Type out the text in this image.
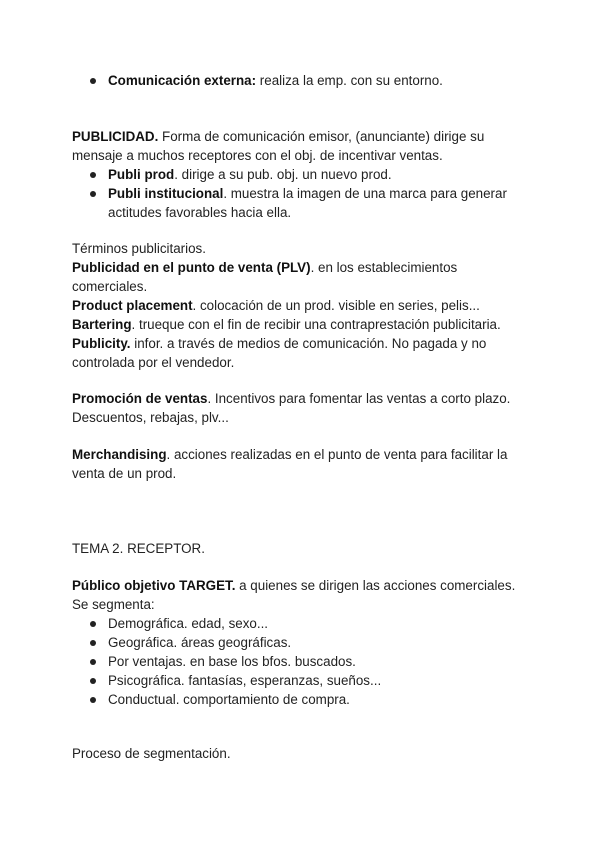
Comunicación externa: realiza la emp. con su entorno.

PUBLICIDAD. Forma de comunicación emisor, (anunciante) dirige su mensaje a muchos receptores con el obj. de incentivar ventas.

Publi prod. dirige a su pub. obj. un nuevo prod.
Publi institucional. muestra la imagen de una marca para generar actitudes favorables hacia ella.

Términos publicitarios.

Publicidad en el punto de venta (PLV). en los establecimientos comerciales.

Product placement. colocación de un prod. visible en series, pelis...

Bartering. trueque con el fin de recibir una contraprestación publicitaria.

Publicity. infor. a través de medios de comunicación. No pagada y no controlada por el vendedor.

Promoción de ventas. Incentivos para fomentar las ventas a corto plazo. Descuentos, rebajas, plv...

Merchandising. acciones realizadas en el punto de venta para facilitar la venta de un prod.

TEMA 2. RECEPTOR.

Público objetivo TARGET. a quienes se dirigen las acciones comerciales.

Se segmenta:

Demográfica. edad, sexo...
Geográfica. áreas geográficas.
Por ventajas. en base los bfos. buscados.
Psicográfica. fantasías, esperanzas, sueños...
Conductual. comportamiento de compra.

Proceso de segmentación.
